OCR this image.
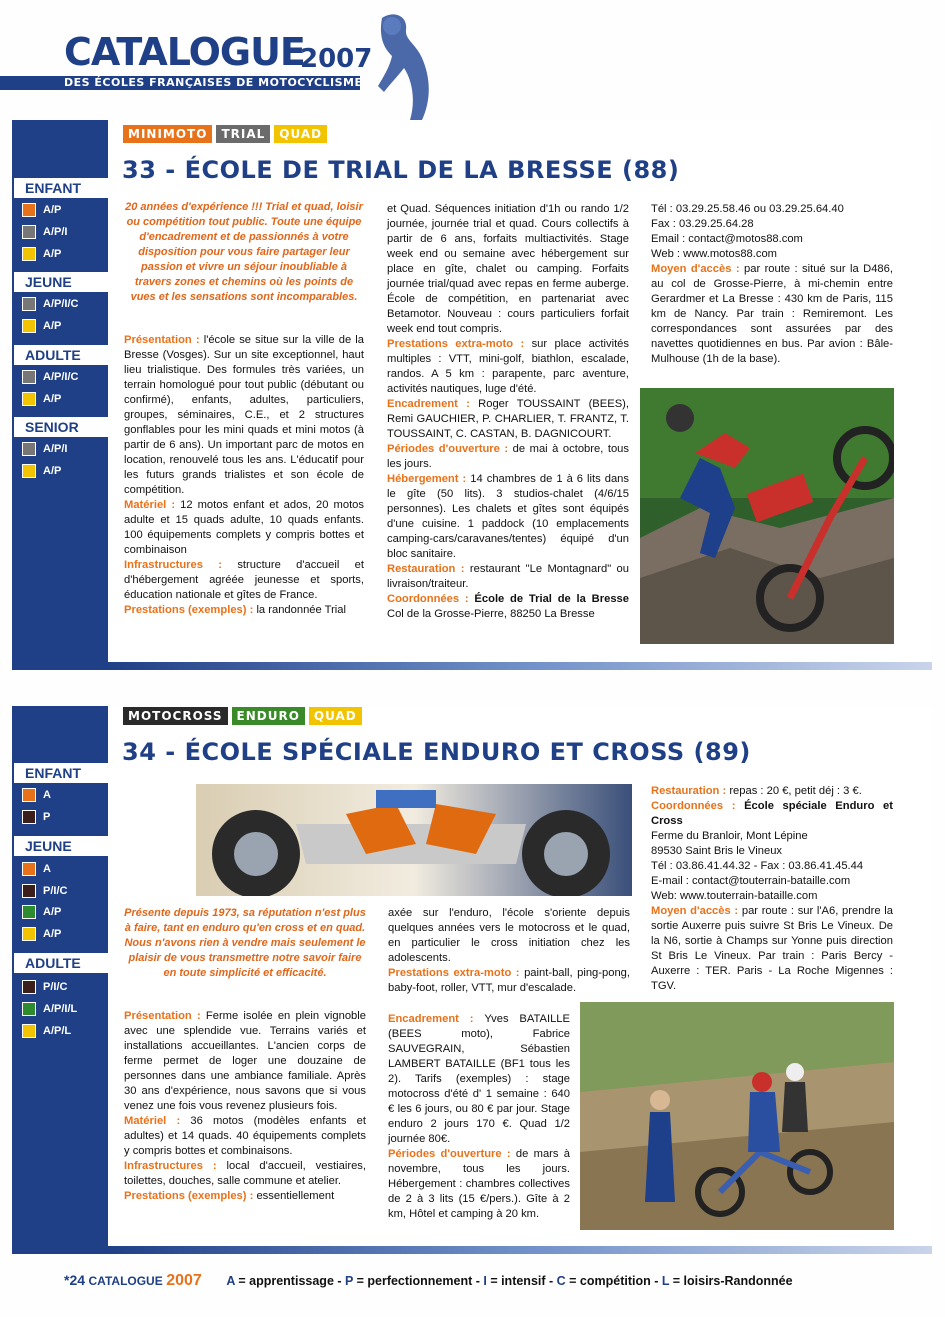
CATALOGUE
2007
DES ÉCOLES FRANÇAISES DE MOTOCYCLISME
MINIMOTO	TRIAL	QUAD
33 - ÉCOLE DE TRIAL DE LA BRESSE (88)
ENFANT
A/P
A/P/I
A/P
JEUNE
A/P/I/C
A/P
ADULTE
A/P/I/C
A/P
SENIOR
A/P/I
A/P

20 années d'expérience !!! Trial et quad, loisir ou compétition tout public. Toute une équipe d'encadrement et de passionnés à votre disposition pour vous faire partager leur passion et vivre un séjour inoubliable à travers zones et chemins où les points de vues et les sensations sont incomparables.

Présentation : l'école se situe sur la ville de la Bresse (Vosges). Sur un site exceptionnel, haut lieu trialistique. Des formules très variées, un terrain homologué pour tout public (débutant ou confirmé), enfants, adultes, particuliers, groupes, séminaires, C.E., et 2 structures gonflables pour les mini quads et mini motos (à partir de 6 ans). Un important parc de motos en location, renouvelé tous les ans. L'éducatif pour les futurs grands trialistes et son école de compétition.

Matériel : 12 motos enfant et ados, 20 motos adulte et 15 quads adulte, 10 quads enfants. 100 équipements complets y compris bottes et combinaison

Infrastructures : structure d'accueil et d'hébergement agréée jeunesse et sports, éducation nationale et gîtes de France.

Prestations (exemples) : la randonnée Trial

et Quad. Séquences initiation d'1h ou rando 1/2 journée, journée trial et quad. Cours collectifs à partir de 6 ans, forfaits multiactivités. Stage week end ou semaine avec hébergement sur place en gîte, chalet ou camping. Forfaits journée trial/quad avec repas en ferme auberge. École de compétition, en partenariat avec Betamotor. Nouveau : cours particuliers forfait week end tout compris.

Prestations extra-moto : sur place activités multiples : VTT, mini-golf, biathlon, escalade, randos. A 5 km : parapente, parc aventure, activités nautiques, luge d'été.

Encadrement : Roger TOUSSAINT (BEES), Remi GAUCHIER, P. CHARLIER, T. FRANTZ, T. TOUSSAINT, C. CASTAN, B. DAGNICOURT.

Périodes d'ouverture : de mai à octobre, tous les jours.

Hébergement : 14 chambres de 1 à 6 lits dans le gîte (50 lits). 3 studios-chalet (4/6/15 personnes). Les chalets et gîtes sont équipés d'une cuisine. 1 paddock (10 emplacements camping-cars/caravanes/tentes) équipé d'un bloc sanitaire.

Restauration : restaurant "Le Montagnard" ou livraison/traiteur.

Coordonnées : École de Trial de la Bresse Col de la Grosse-Pierre, 88250 La Bresse

Tél : 03.29.25.58.46 ou 03.29.25.64.40

Fax : 03.29.25.64.28

Email : contact@motos88.com

Web : www.motos88.com

Moyen d'accès : par route : situé sur la D486, au col de Grosse-Pierre, à mi-chemin entre Gerardmer et La Bresse : 430 km de Paris, 115 km de Nancy. Par train : Remiremont. Les correspondances sont assurées par des navettes quotidiennes en bus. Par avion : Bâle-Mulhouse (1h de la base).

MOTOCROSS	ENDURO	QUAD
34 - ÉCOLE SPÉCIALE ENDURO ET CROSS (89)
ENFANT
A
P
JEUNE
A
P/I/C
A/P
A/P
ADULTE
P/I/C
A/P/I/L
A/P/L

Présente depuis 1973, sa réputation n'est plus à faire, tant en enduro qu'en cross et en quad. Nous n'avons rien à vendre mais seulement le plaisir de vous transmettre notre savoir faire en toute simplicité et efficacité.

Présentation : Ferme isolée en plein vignoble avec une splendide vue. Terrains variés et installations accueillantes. L'ancien corps de ferme permet de loger une douzaine de personnes dans une ambiance familiale. Après 30 ans d'expérience, nous savons que si vous venez une fois vous revenez plusieurs fois.

Matériel : 36 motos (modèles enfants et adultes) et 14 quads. 40 équipements complets y compris bottes et combinaisons.

Infrastructures : local d'accueil, vestiaires, toilettes, douches, salle commune et atelier.

Prestations (exemples) : essentiellement

axée sur l'enduro, l'école s'oriente depuis quelques années vers le motocross et le quad, en particulier le cross initiation chez les adolescents.

Prestations extra-moto : paint-ball, ping-pong, baby-foot, roller, VTT, mur d'escalade.

Encadrement : Yves BATAILLE (BEES moto), Fabrice SAUVEGRAIN, Sébastien LAMBERT BATAILLE (BF1 tous les 2). Tarifs (exemples) : stage motocross d'été d' 1 semaine : 640 € les 6 jours, ou 80 € par jour. Stage enduro 2 jours 170 €. Quad 1/2 journée 80€.

Périodes d'ouverture : de mars à novembre, tous les jours. Hébergement : chambres collectives de 2 à 3 lits (15 €/pers.). Gîte à 2 km, Hôtel et camping à 20 km.

Restauration : repas : 20 €, petit déj : 3 €.

Coordonnées : École spéciale Enduro et Cross

Ferme du Branloir, Mont Lépine

89530 Saint Bris le Vineux

Tél : 03.86.41.44.32 - Fax : 03.86.41.45.44

E-mail : contact@touterrain-bataille.com

Web: www.touterrain-bataille.com

Moyen d'accès : par route : sur l'A6, prendre la sortie Auxerre puis suivre St Bris Le Vineux. De la N6, sortie à Champs sur Yonne puis direction St Bris Le Vineux. Par train : Paris Bercy - Auxerre : TER. Paris - La Roche Migennes : TGV.

*24 CATALOGUE 2007 A = apprentissage - P = perfectionnement - I = intensif - C = compétition - L = loisirs-Randonnée
